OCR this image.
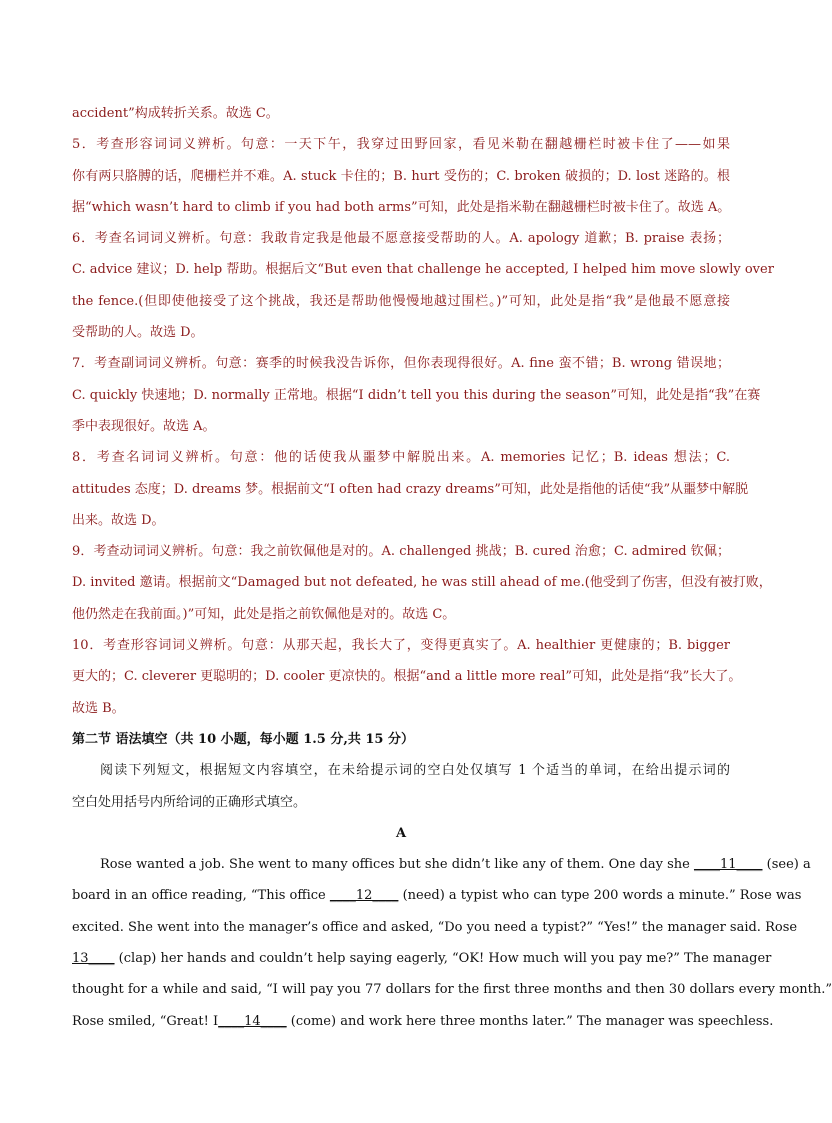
accident”构成转折关系。故选 C。
5．考查形容词词义辨析。句意：一天下午，我穿过田野回家，看见米勒在翻越栅栏时被卡住了——如果
你有两只胳膊的话，爬栅栏并不难。A. stuck 卡住的；B. hurt 受伤的；C. broken 破损的；D. lost 迷路的。根
据“which wasn’t hard to climb if you had both arms”可知，此处是指米勒在翻越栅栏时被卡住了。故选 A。
6．考查名词词义辨析。句意：我敢肯定我是他最不愿意接受帮助的人。A. apology 道歉；B. praise 表扬；
C. advice 建议；D. help 帮助。根据后文“But even that challenge he accepted, I helped him move slowly over
the fence.(但即使他接受了这个挑战，我还是帮助他慢慢地越过围栏。)”可知，此处是指“我”是他最不愿意接
受帮助的人。故选 D。
7．考查副词词义辨析。句意：赛季的时候我没告诉你，但你表现得很好。A. fine 蛮不错；B. wrong 错误地；
C. quickly 快速地；D. normally 正常地。根据“I didn’t tell you this during the season”可知，此处是指“我”在赛
季中表现很好。故选 A。
8．考查名词词义辨析。句意：他的话使我从噩梦中解脱出来。A. memories 记忆；B. ideas 想法；C.
attitudes 态度；D. dreams 梦。根据前文“I often had crazy dreams”可知，此处是指他的话使“我”从噩梦中解脱
出来。故选 D。
9．考查动词词义辨析。句意：我之前钦佩他是对的。A. challenged 挑战；B. cured 治愈；C. admired 钦佩；
D. invited 邀请。根据前文“Damaged but not defeated, he was still ahead of me.(他受到了伤害，但没有被打败，
他仍然走在我前面。)”可知，此处是指之前钦佩他是对的。故选 C。
10．考查形容词词义辨析。句意：从那天起，我长大了，变得更真实了。A. healthier 更健康的；B. bigger
更大的；C. cleverer 更聪明的；D. cooler 更凉快的。根据“and a little more real”可知，此处是指“我”长大了。
故选 B。
第二节 语法填空（共 10 小题，每小题 1.5 分,共 15 分）
阅读下列短文，根据短文内容填空，在未给提示词的空白处仅填写 1 个适当的单词，在给出提示词的
空白处用括号内所给词的正确形式填空。
A
Rose wanted a job. She went to many offices but she didn’t like any of them. One day she ____11____ (see) a
board in an office reading, “This office ____12____ (need) a typist who can type 200 words a minute.” Rose was
excited. She went into the manager’s office and asked, “Do you need a typist?” “Yes!” the manager said. Rose
13____ (clap) her hands and couldn’t help saying eagerly, “OK! How much will you pay me?” The manager
thought for a while and said, “I will pay you 77 dollars for the first three months and then 30 dollars every month.”
Rose smiled, “Great! I____14____ (come) and work here three months later.” The manager was speechless.
